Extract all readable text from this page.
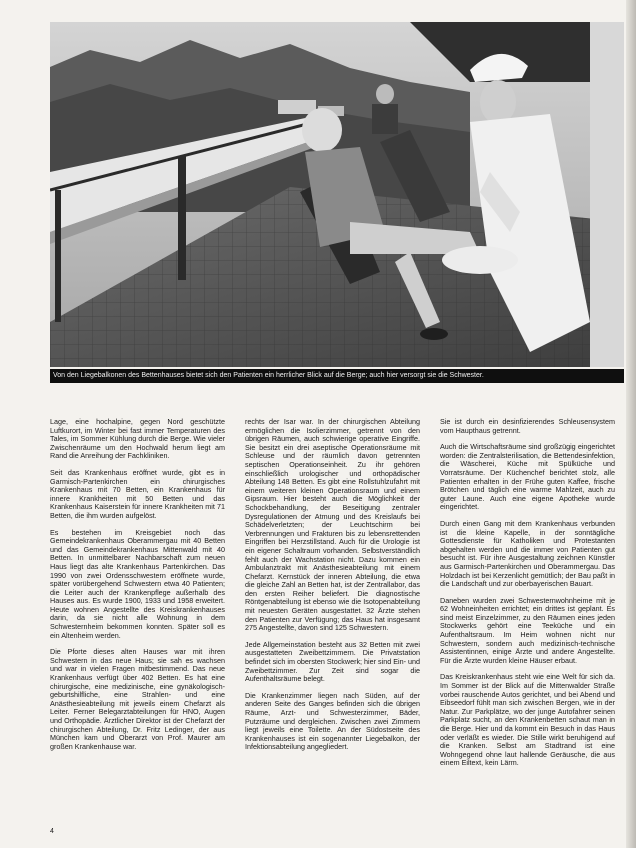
Von den Liegebalkonen des Bettenhauses bietet sich den Patienten ein herrlicher Blick auf die Berge; auch hier versorgt sie die Schwester.

Lage, eine hochalpine, gegen Nord geschützte Luftkurort, im Winter bei fast immer Temperaturen des Tales, im Sommer Kühlung durch die Berge. Wie vieler Zwischenräume um den Hochwald herum liegt am Rand die Anreihung der Fachkliniken.

Seit das Krankenhaus eröffnet wurde, gibt es in Garmisch-Partenkirchen ein chirurgisches Krankenhaus mit 70 Betten, ein Krankenhaus für innere Krankheiten mit 50 Betten und das Krankenhaus Kaiserstein für innere Krankheiten mit 71 Betten, die ihm wurden aufgelöst.

Es bestehen im Kreisgebiet noch das Gemeindekrankenhaus Oberammergau mit 40 Betten und das Gemeindekrankenhaus Mittenwald mit 40 Betten. In unmittelbarer Nachbarschaft zum neuen Haus liegt das alte Krankenhaus Partenkirchen. Das 1990 von zwei Ordensschwestern eröffnete wurde, später vorübergehend Schwestern etwa 40 Patienten; die Leiter auch der Krankenpflege außerhalb des Hauses aus. Es wurde 1900, 1933 und 1958 erweitert. Heute wohnen Angestellte des Kreiskrankenhauses darin, da sie nicht alle Wohnung in dem Schwesternheim bekommen konnten. Später soll es ein Altenheim werden.

Die Pforte dieses alten Hauses war mit ihren Schwestern in das neue Haus; sie sah es wachsen und war in vielen Fragen mitbestimmend. Das neue Krankenhaus verfügt über 402 Betten. Es hat eine chirurgische, eine medizinische, eine gynäkologisch-geburtshilfliche, eine Strahlen- und eine Anästhesieabteilung mit jeweils einem Chefarzt als Leiter. Ferner Belegarztabteilungen für HNO, Augen und Orthopädie. Ärztlicher Direktor ist der Chefarzt der chirurgischen Abteilung, Dr. Fritz Ledinger, der aus München kam und Oberarzt von Prof. Maurer am großen Krankenhause war.

rechts der Isar war. In der chirurgischen Abteilung ermöglichen die Isolierzimmer, getrennt von den übrigen Räumen, auch schwierige operative Eingriffe. Sie besitzt ein drei aseptische Operationsräume mit Schleuse und der räumlich davon getrennten septischen Operationseinheit. Zu ihr gehören einschließlich urologischer und orthopädischer Abteilung 148 Betten. Es gibt eine Rollstuhlzufahrt mit einem weiteren kleinen Operationsraum und einem Gipsraum. Hier besteht auch die Möglichkeit der Schockbehandlung, der Beseitigung zentraler Dysregulationen der Atmung und des Kreislaufs bei Schädelverletzten; der Leuchtschirm bei Verbrennungen und Frakturen bis zu lebensrettenden Eingriffen bei Herzstillstand. Auch für die Urologie ist ein eigener Schaltraum vorhanden. Selbstverständlich fehlt auch der Wachstation nicht. Dazu kommen ein Ambulanztrakt mit Anästhesieabteilung mit einem Chefarzt. Kernstück der inneren Abteilung, die etwa die gleiche Zahl an Betten hat, ist der Zentrallabor, das den ersten Reiher beliefert. Die diagnostische Röntgenabteilung ist ebenso wie die Isotopenabteilung mit neuesten Geräten ausgestattet. 32 Ärzte stehen den Patienten zur Verfügung; das Haus hat insgesamt 275 Angestellte, davon sind 125 Schwestern.

Jede Allgemeinstation besteht aus 32 Betten mit zwei ausgestatteten Zweibettzimmern. Die Privatstation befindet sich im obersten Stockwerk; hier sind Ein- und Zweibettzimmer. Zur Zeit sind sogar die Aufenthaltsräume belegt.

Die Krankenzimmer liegen nach Süden, auf der anderen Seite des Ganges befinden sich die übrigen Räume, Arzt- und Schwesterzimmer, Bäder, Putzräume und dergleichen. Zwischen zwei Zimmern liegt jeweils eine Toilette. An der Südostseite des Krankenhauses ist ein sogenannter Liegebalkon, der Infektionsabteilung angegliedert.

Sie ist durch ein desinfizierendes Schleusensystem vom Haupthaus getrennt.

Auch die Wirtschaftsräume sind großzügig eingerichtet worden: die Zentralsterilisation, die Bettendesinfektion, die Wäscherei, Küche mit Spülküche und Vorratsräume. Der Küchenchef berichtet stolz, alle Patienten erhalten in der Frühe guten Kaffee, frische Brötchen und täglich eine warme Mahlzeit, auch zu guter Laune. Auch eine eigene Apotheke wurde eingerichtet.

Durch einen Gang mit dem Krankenhaus verbunden ist die kleine Kapelle, in der sonntägliche Gottesdienste für Katholiken und Protestanten abgehalten werden und die immer von Patienten gut besucht ist. Für ihre Ausgestaltung zeichnen Künstler aus Garmisch-Partenkirchen und Oberammergau. Das Holzdach ist bei Kerzenlicht gemütlich; der Bau paßt in die Landschaft und zur oberbayerischen Bauart.

Daneben wurden zwei Schwesternwohnheime mit je 62 Wohneinheiten errichtet; ein drittes ist geplant. Es sind meist Einzelzimmer, zu den Räumen eines jeden Stockwerks gehört eine Teeküche und ein Aufenthaltsraum. Im Heim wohnen nicht nur Schwestern, sondern auch medizinisch-technische Assistentinnen, einige Ärzte und andere Angestellte. Für die Ärzte wurden kleine Häuser erbaut.

Das Kreiskrankenhaus steht wie eine Welt für sich da. Im Sommer ist der Blick auf die Mittenwalder Straße vorbei rauschende Autos gerichtet, und bei Abend und Eibseedorf fühlt man sich zwischen Bergen, wie in der Natur. Zur Parkplätze, wo der junge Autofahrer seinen Parkplatz sucht, an den Krankenbetten schaut man in die Berge. Hier und da kommt ein Besuch in das Haus oder verläßt es wieder. Die Stille wirkt beruhigend auf die Kranken. Selbst am Stadtrand ist eine Wohngegend ohne laut hallende Geräusche, die aus einem Eiltext, kein Lärm.

4
